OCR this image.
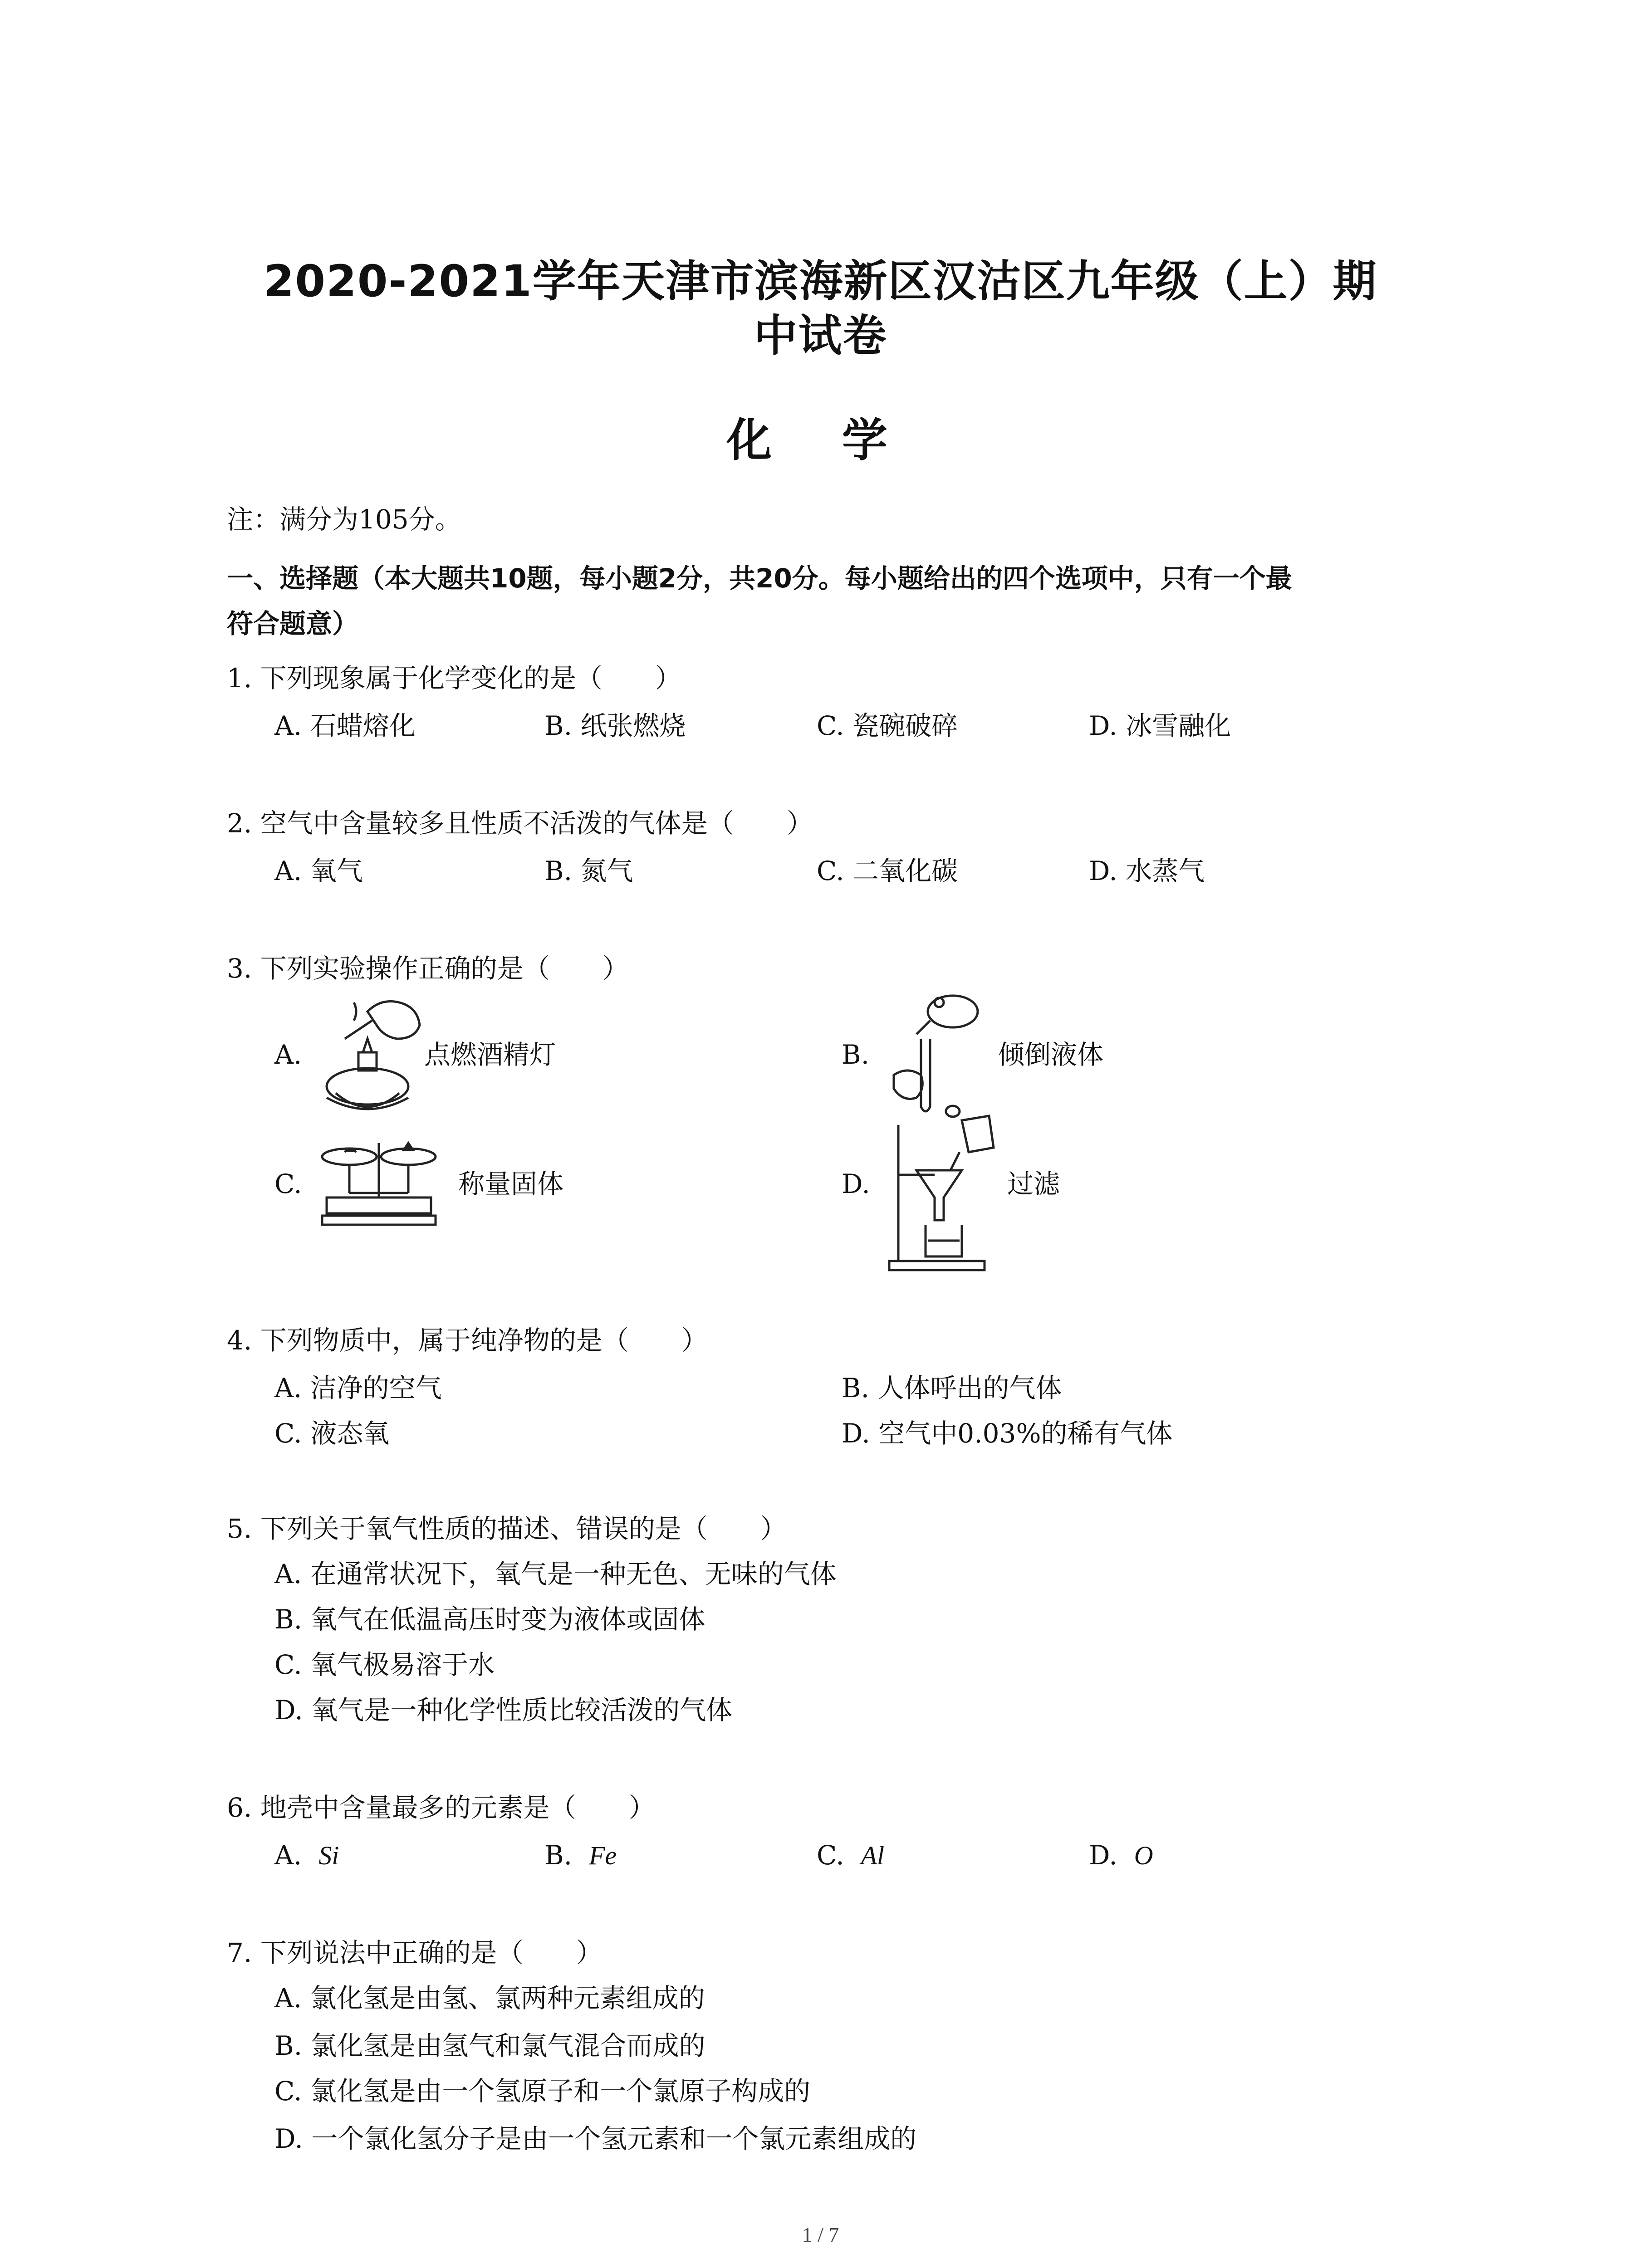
2020-2021学年天津市滨海新区汉沽区九年级（上）期
中试卷
化 学
注：满分为105分。
一、选择题（本大题共10题，每小题2分，共20分。每小题给出的四个选项中，只有一个最
符合题意）
1. 下列现象属于化学变化的是（　　）
A. 石蜡熔化	B. 纸张燃烧	C. 瓷碗破碎	D. 冰雪融化
2. 空气中含量较多且性质不活泼的气体是（　　）
A. 氧气	B. 氮气	C. 二氧化碳	D. 水蒸气
3. 下列实验操作正确的是（　　）
A.	点燃酒精灯	B.	倾倒液体
C.	称量固体	D.	过滤
4. 下列物质中，属于纯净物的是（　　）
A. 洁净的空气	B. 人体呼出的气体
C. 液态氧	D. 空气中0.03%的稀有气体
5. 下列关于氧气性质的描述、错误的是（　　）
A. 在通常状况下，氧气是一种无色、无味的气体
B. 氧气在低温高压时变为液体或固体
C. 氧气极易溶于水
D. 氧气是一种化学性质比较活泼的气体
6. 地壳中含量最多的元素是（　　）
A. Si	B. Fe	C. Al	D. O
7. 下列说法中正确的是（　　）
A. 氯化氢是由氢、氯两种元素组成的
B. 氯化氢是由氢气和氯气混合而成的
C. 氯化氢是由一个氢原子和一个氯原子构成的
D. 一个氯化氢分子是由一个氢元素和一个氯元素组成的
1 / 7
